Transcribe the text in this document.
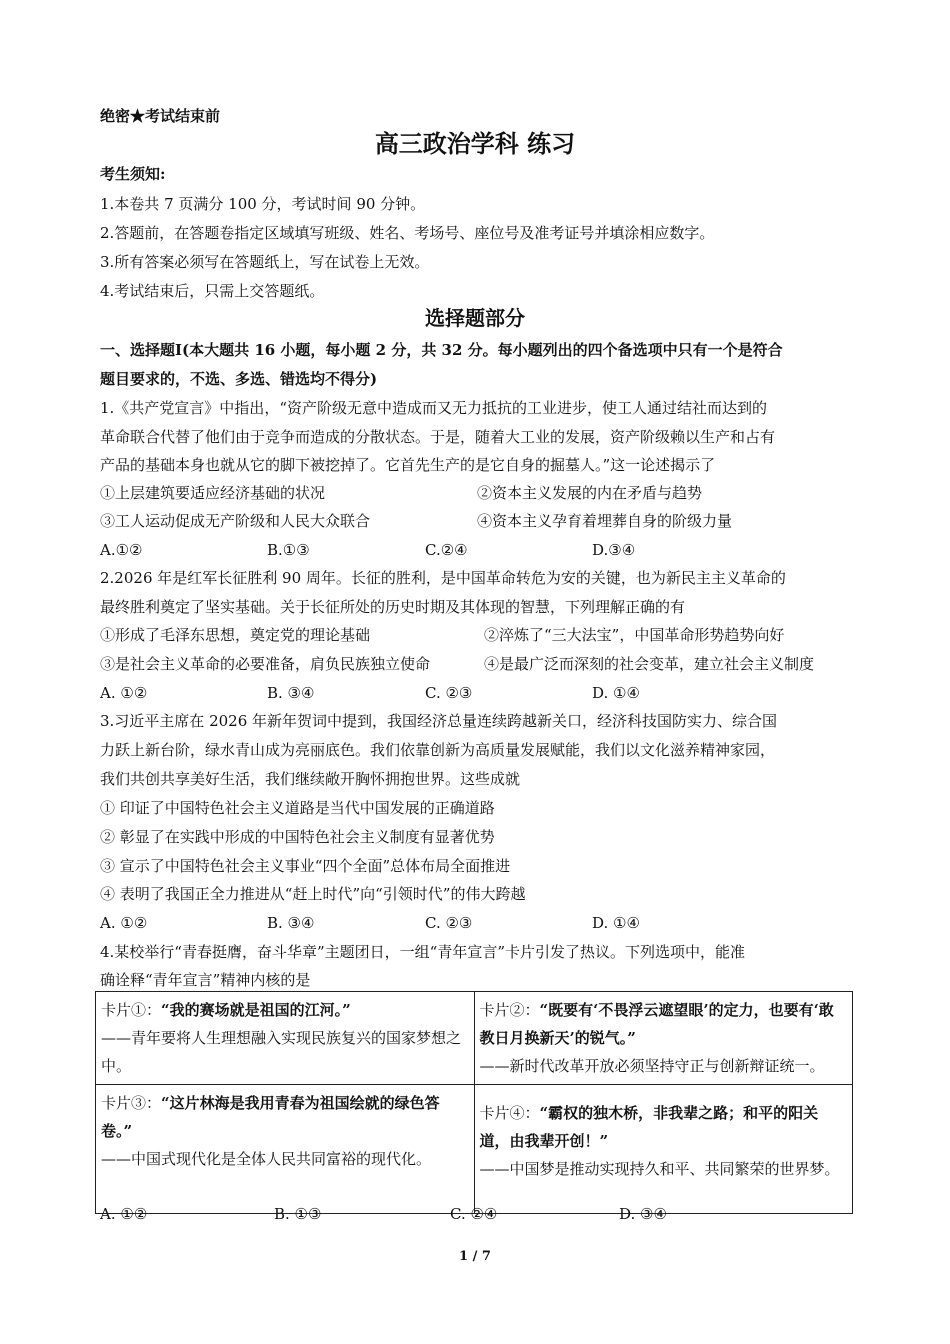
绝密★考试结束前
高三政治学科 练习
考生须知:
1.本卷共 7 页满分 100 分，考试时间 90 分钟。
2.答题前，在答题卷指定区域填写班级、姓名、考场号、座位号及准考证号并填涂相应数字。
3.所有答案必须写在答题纸上，写在试卷上无效。
4.考试结束后，只需上交答题纸。
选择题部分
一、选择题Ⅰ(本大题共 16 小题，每小题 2 分，共 32 分。每小题列出的四个备选项中只有一个是符合
题目要求的，不选、多选、错选均不得分)
1.《共产党宣言》中指出，“资产阶级无意中造成而又无力抵抗的工业进步，使工人通过结社而达到的
革命联合代替了他们由于竞争而造成的分散状态。于是，随着大工业的发展，资产阶级赖以生产和占有
产品的基础本身也就从它的脚下被挖掉了。它首先生产的是它自身的掘墓人。”这一论述揭示了
①上层建筑要适应经济基础的状况	②资本主义发展的内在矛盾与趋势
③工人运动促成无产阶级和人民大众联合	④资本主义孕育着埋葬自身的阶级力量
A.①②	B.①③	C.②④	D.③④
2.2026 年是红军长征胜利 90 周年。长征的胜利，是中国革命转危为安的关键，也为新民主主义革命的
最终胜利奠定了坚实基础。关于长征所处的历史时期及其体现的智慧，下列理解正确的有
①形成了毛泽东思想，奠定党的理论基础	②淬炼了“三大法宝”，中国革命形势趋势向好
③是社会主义革命的必要准备，肩负民族独立使命	④是最广泛而深刻的社会变革，建立社会主义制度
A. ①②	B. ③④	C. ②③	D. ①④
3.习近平主席在 2026 年新年贺词中提到，我国经济总量连续跨越新关口，经济科技国防实力、综合国
力跃上新台阶，绿水青山成为亮丽底色。我们依靠创新为高质量发展赋能，我们以文化滋养精神家园，
我们共创共享美好生活，我们继续敞开胸怀拥抱世界。这些成就
① 印证了中国特色社会主义道路是当代中国发展的正确道路
② 彰显了在实践中形成的中国特色社会主义制度有显著优势
③ 宣示了中国特色社会主义事业“四个全面”总体布局全面推进
④ 表明了我国正全力推进从“赶上时代”向“引领时代”的伟大跨越
A. ①②	B. ③④	C. ②③	D. ①④
4.某校举行“青春挺膺，奋斗华章”主题团日，一组“青年宣言”卡片引发了热议。下列选项中，能准
确诠释“青年宣言”精神内核的是
卡片①：“我的赛场就是祖国的江河。”
——青年要将人生理想融入实现民族复兴的国家梦想之中。	卡片②：“既要有‘不畏浮云遮望眼’的定力，也要有‘敢教日月换新天’的锐气。”
——新时代改革开放必须坚持守正与创新辩证统一。
卡片③：“这片林海是我用青春为祖国绘就的绿色答卷。”
——中国式现代化是全体人民共同富裕的现代化。	卡片④：“霸权的独木桥，非我辈之路；和平的阳关道，由我辈开创！”
——中国梦是推动实现持久和平、共同繁荣的世界梦。
A. ①②	B. ①③	C. ②④	D. ③④
1 / 7
